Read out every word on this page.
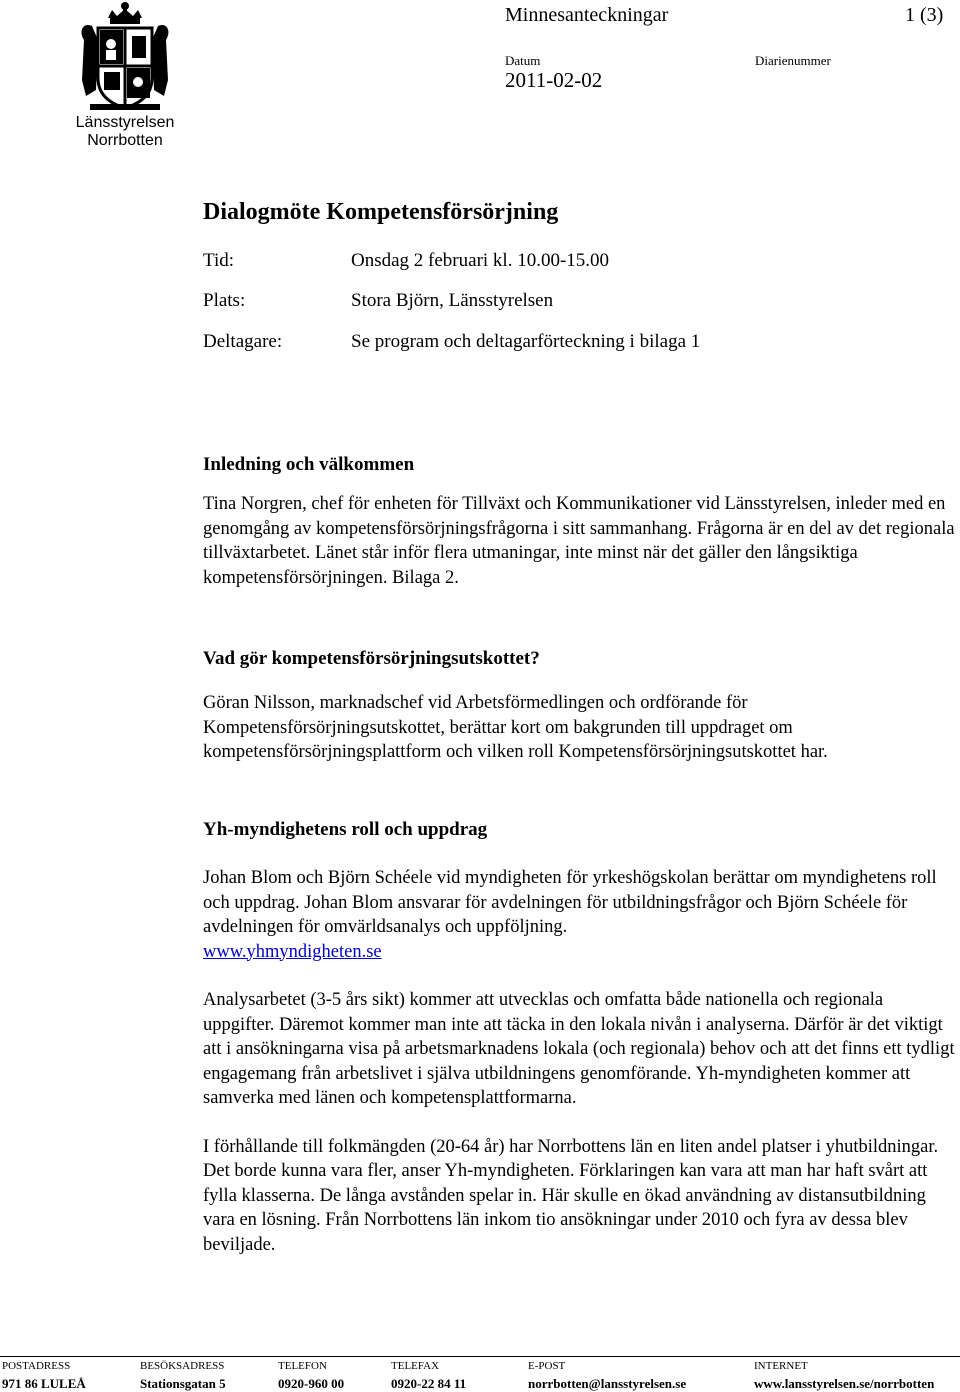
Länsstyrelsen
Norrbotten
Minnesanteckningar	1 (3)
Datum	Diarienummer
2011-02-02
Dialogmöte Kompetensförsörjning
Tid:	Onsdag 2 februari kl. 10.00-15.00
Plats:	Stora Björn, Länsstyrelsen
Deltagare:	Se program och deltagarförteckning i bilaga 1

Inledning och välkommen

Tina Norgren, chef för enheten för Tillväxt och Kommunikationer vid Länsstyrelsen, inleder med en genomgång av kompetensförsörjningsfrågorna i sitt sammanhang. Frågorna är en del av det regionala tillväxtarbetet. Länet står inför flera utmaningar, inte minst när det gäller den långsiktiga kompetensförsörjningen. Bilaga 2.

Vad gör kompetensförsörjningsutskottet?

Göran Nilsson, marknadschef vid Arbetsförmedlingen och ordförande för Kompetensförsörjningsutskottet, berättar kort om bakgrunden till uppdraget om kompetensförsörjningsplattform och vilken roll Kompetensförsörjningsutskottet har.

Yh-myndighetens roll och uppdrag

Johan Blom och Björn Schéele vid myndigheten för yrkeshögskolan berättar om myndighetens roll och uppdrag. Johan Blom ansvarar för avdelningen för utbildningsfrågor och Björn Schéele för avdelningen för omvärldsanalys och uppföljning.

www.yhmyndigheten.se

Analysarbetet (3-5 års sikt) kommer att utvecklas och omfatta både nationella och regionala uppgifter. Däremot kommer man inte att täcka in den lokala nivån i analyserna. Därför är det viktigt att i ansökningarna visa på arbetsmarknadens lokala (och regionala) behov och att det finns ett tydligt engagemang från arbetslivet i själva utbildningens genomförande. Yh-myndigheten kommer att samverka med länen och kompetensplattformarna.

I förhållande till folkmängden (20-64 år) har Norrbottens län en liten andel platser i yhutbildningar. Det borde kunna vara fler, anser Yh-myndigheten. Förklaringen kan vara att man har haft svårt att fylla klasserna. De långa avstånden spelar in. Här skulle en ökad användning av distansutbildning vara en lösning. Från Norrbottens län inkom tio ansökningar under 2010 och fyra av dessa blev beviljade.

POSTADRESS
971 86 LULEÅ
BESÖKSADRESS
Stationsgatan 5
TELEFON
0920-960 00
TELEFAX
0920-22 84 11
E-POST
norrbotten@lansstyrelsen.se
INTERNET
www.lansstyrelsen.se/norrbotten
